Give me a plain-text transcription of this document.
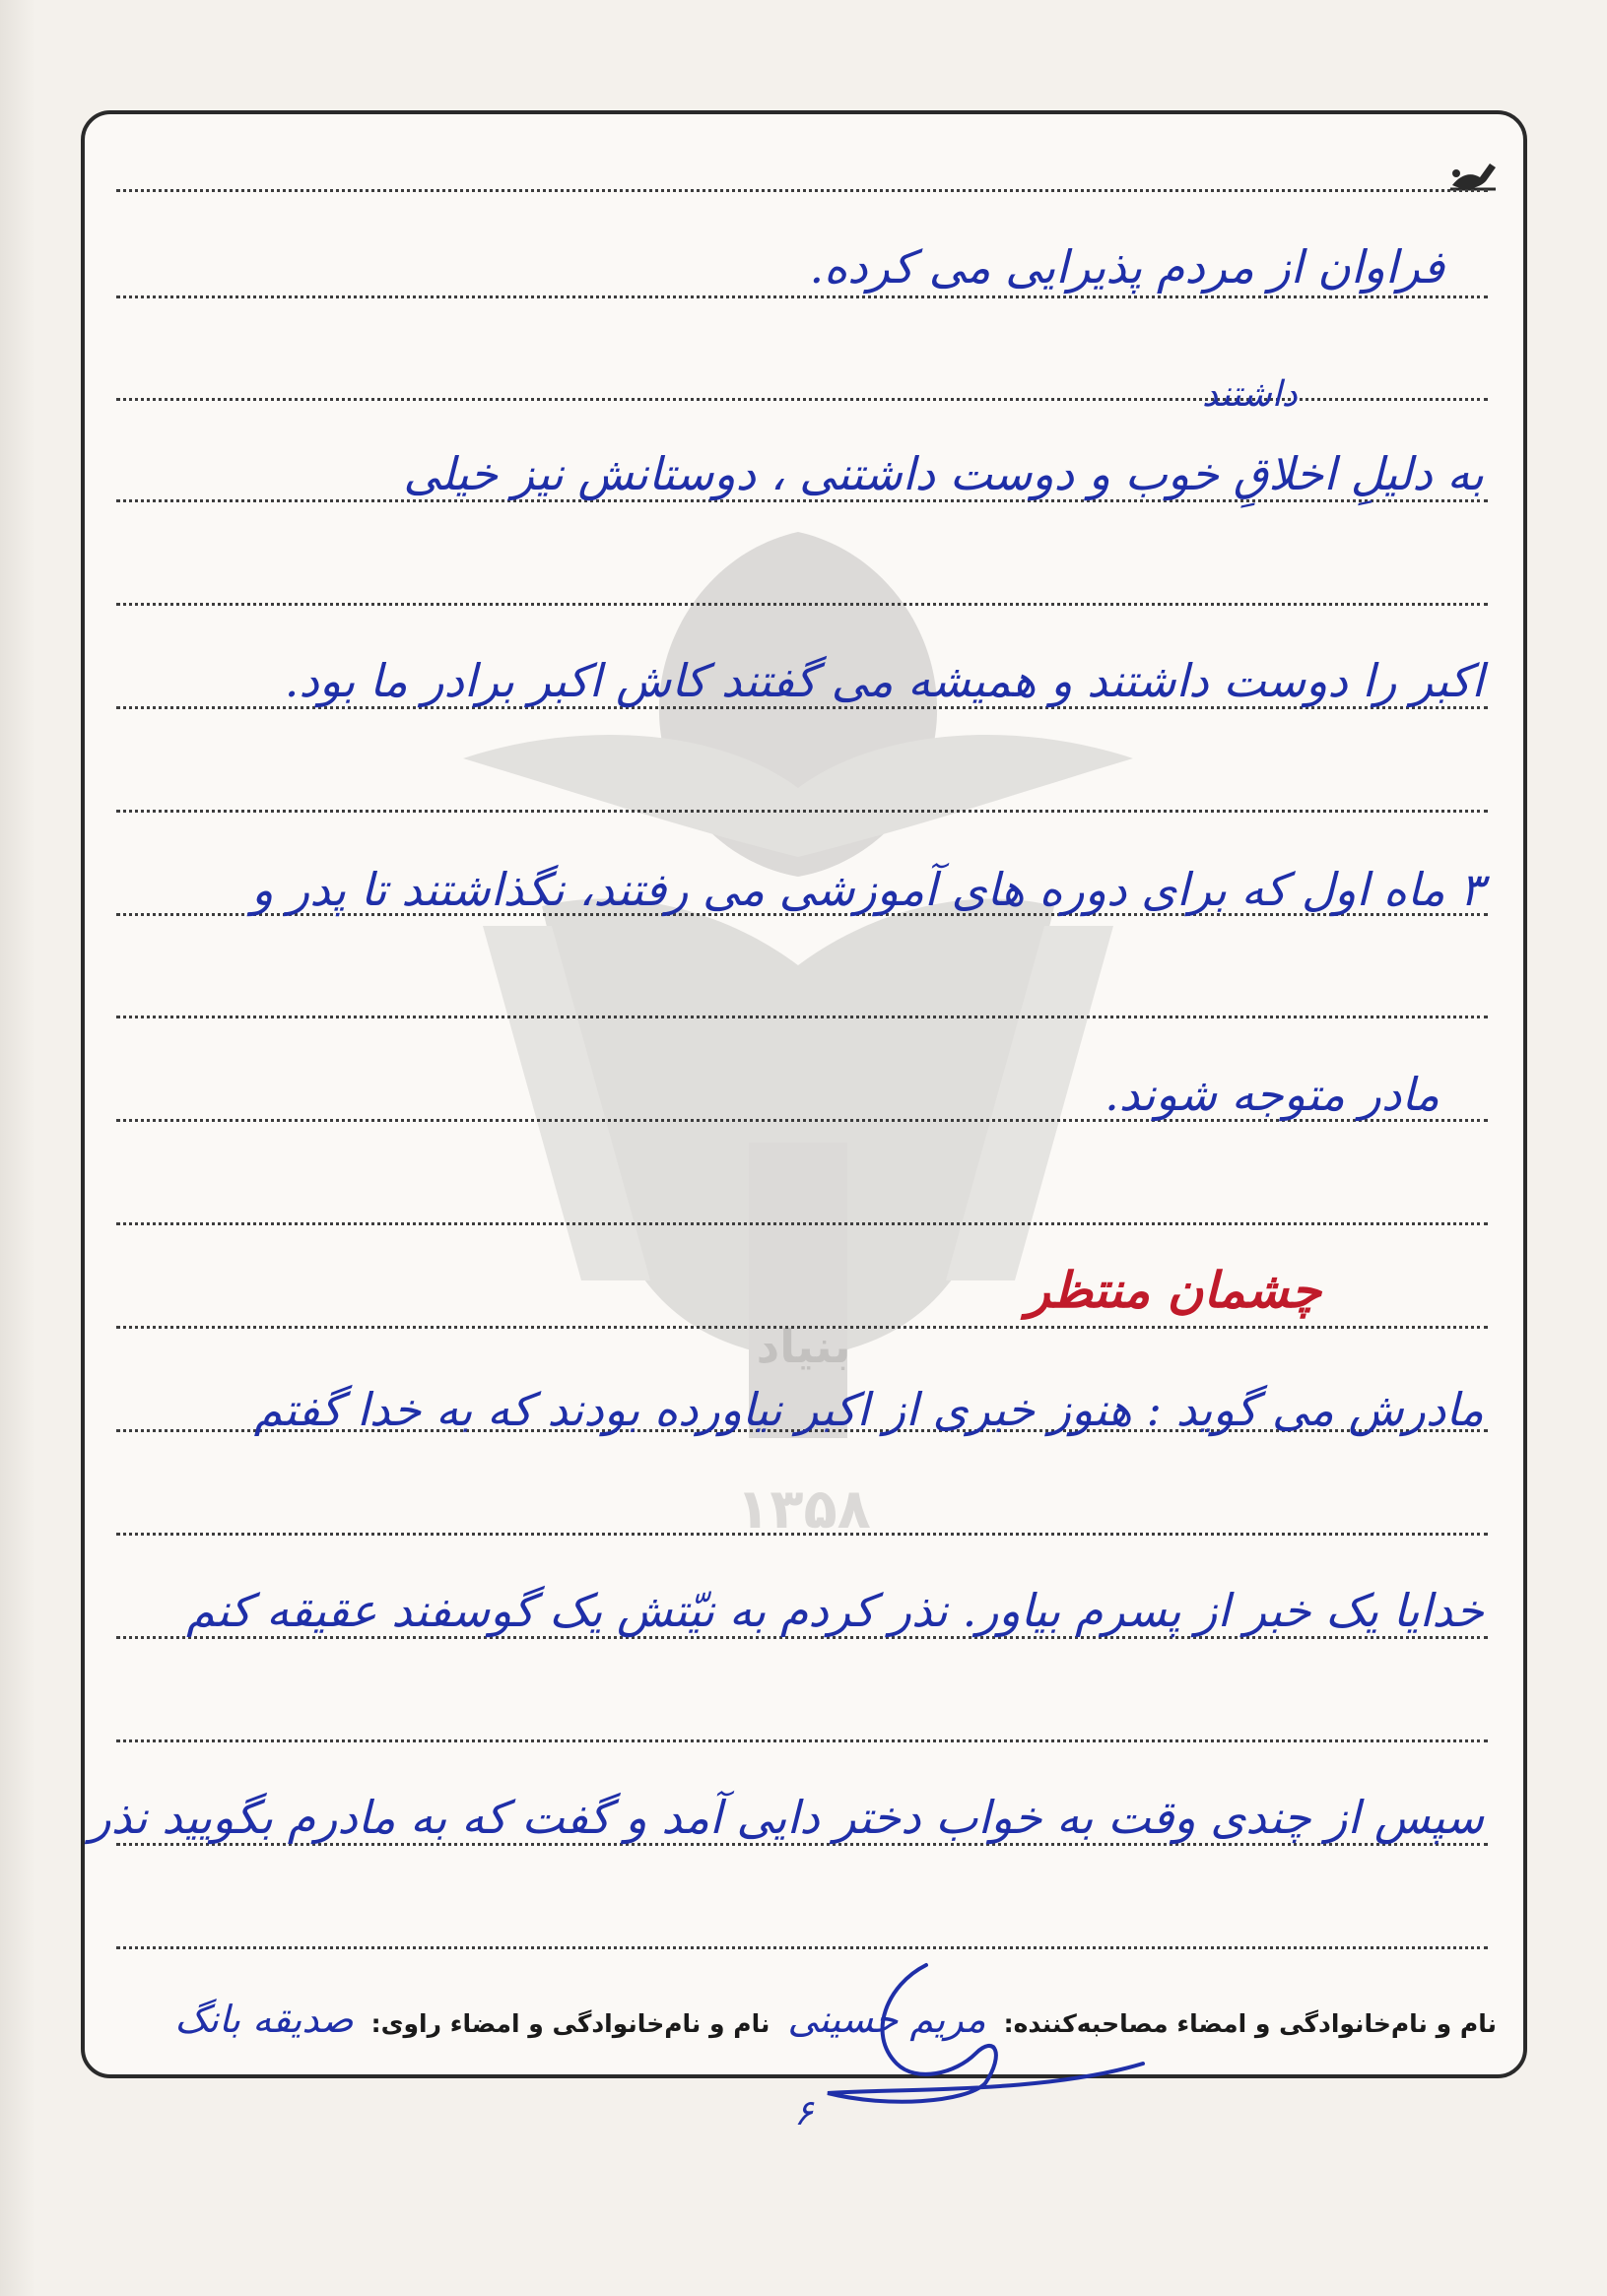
بنیاد
۱۳۵۸
فراوان از مردم پذیرایی می کرده.
داشتند
به دلیلِ اخلاقِ خوب و دوست داشتنی ، دوستانش نیز خیلی
اکبر را دوست داشتند و همیشه می گفتند کاش اکبر برادر ما بود.
۳ ماه اول که برای دوره های آموزشی می رفتند، نگذاشتند تا پدر و
مادر متوجه شوند.
چشمان منتظر
مادرش می گوید : هنوز خبری از اکبر نیاورده بودند که به خدا گفتم
خدایا یک خبر از پسرم بیاور. نذر کردم به نیّتش یک گوسفند عقیقه کنم
سپس از چندی وقت به خواب دختر دایی آمد و گفت که به مادرم بگویید نذر
نام و نام‌خانوادگی و امضاء مصاحبه‌کننده:
مریم حسینی
نام و نام‌خانوادگی و امضاء راوی:
صدیقه بانگ
۶
